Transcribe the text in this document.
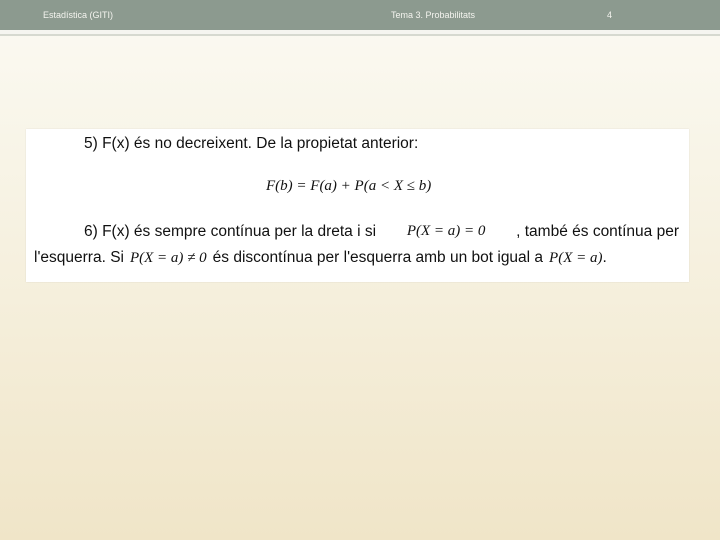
Estadística (GITI)	Tema 3. Probabilitats	4
5) F(x) és no decreixent. De la propietat anterior:
F(b) = F(a) + P(a < X ≤ b)
6) F(x) és sempre contínua per la dreta i si P(X = a) = 0 , també és contínua per
l'esquerra. Si P(X = a) ≠ 0 és discontínua per l'esquerra amb un bot igual a P(X = a).
